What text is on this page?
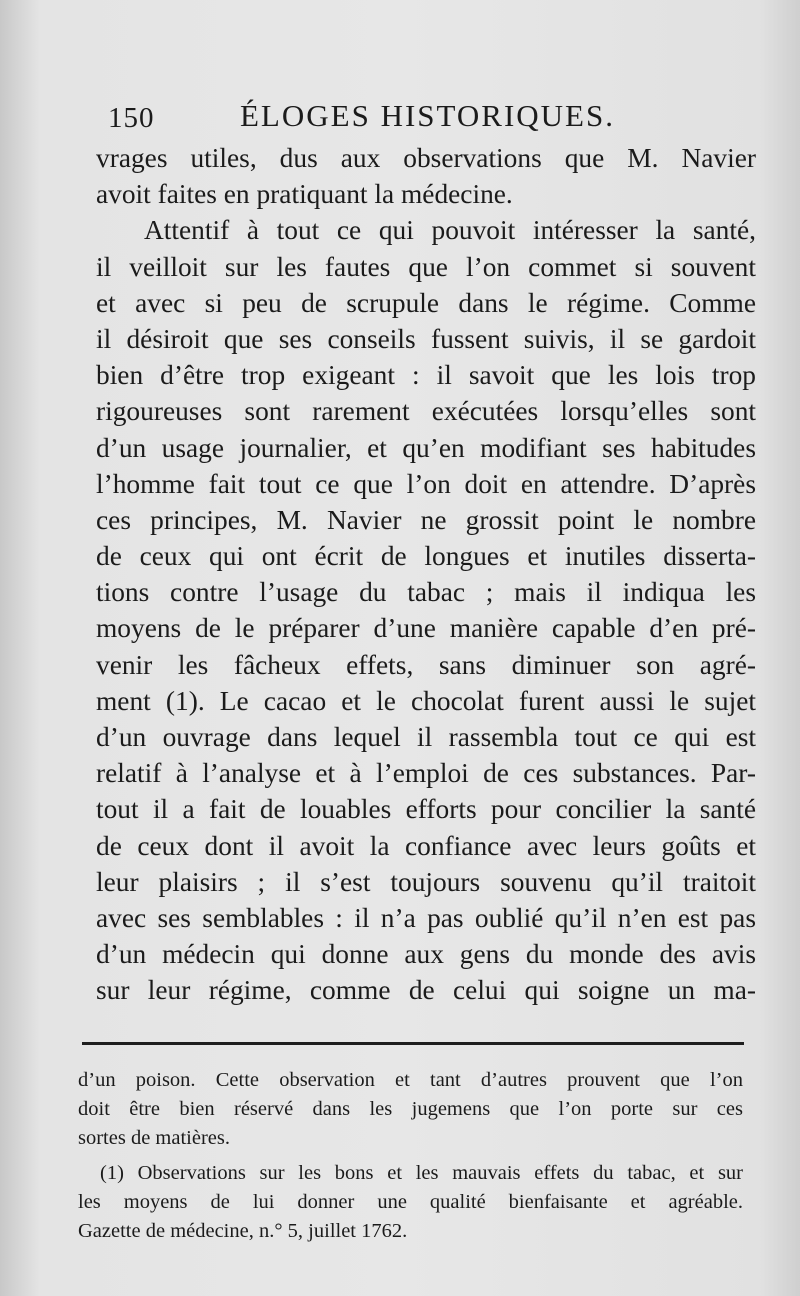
150	ÉLOGES HISTORIQUES.
vrages utiles, dus aux observations que M. Navier
avoit faites en pratiquant la médecine.
Attentif à tout ce qui pouvoit intéresser la santé,
il veilloit sur les fautes que l’on commet si souvent
et avec si peu de scrupule dans le régime. Comme
il désiroit que ses conseils fussent suivis, il se gardoit
bien d’être trop exigeant : il savoit que les lois trop
rigoureuses sont rarement exécutées lorsqu’elles sont
d’un usage journalier, et qu’en modifiant ses habitudes
l’homme fait tout ce que l’on doit en attendre. D’après
ces principes, M. Navier ne grossit point le nombre
de ceux qui ont écrit de longues et inutiles disserta-
tions contre l’usage du tabac ; mais il indiqua les
moyens de le préparer d’une manière capable d’en pré-
venir les fâcheux effets, sans diminuer son agré-
ment (1). Le cacao et le chocolat furent aussi le sujet
d’un ouvrage dans lequel il rassembla tout ce qui est
relatif à l’analyse et à l’emploi de ces substances. Par-
tout il a fait de louables efforts pour concilier la santé
de ceux dont il avoit la confiance avec leurs goûts et
leur plaisirs ; il s’est toujours souvenu qu’il traitoit
avec ses semblables : il n’a pas oublié qu’il n’en est pas
d’un médecin qui donne aux gens du monde des avis
sur leur régime, comme de celui qui soigne un ma-
d’un poison. Cette observation et tant d’autres prouvent que l’on
doit être bien réservé dans les jugemens que l’on porte sur ces
sortes de matières.
(1) Observations sur les bons et les mauvais effets du tabac, et sur
les moyens de lui donner une qualité bienfaisante et agréable.
Gazette de médecine, n.° 5, juillet 1762.
